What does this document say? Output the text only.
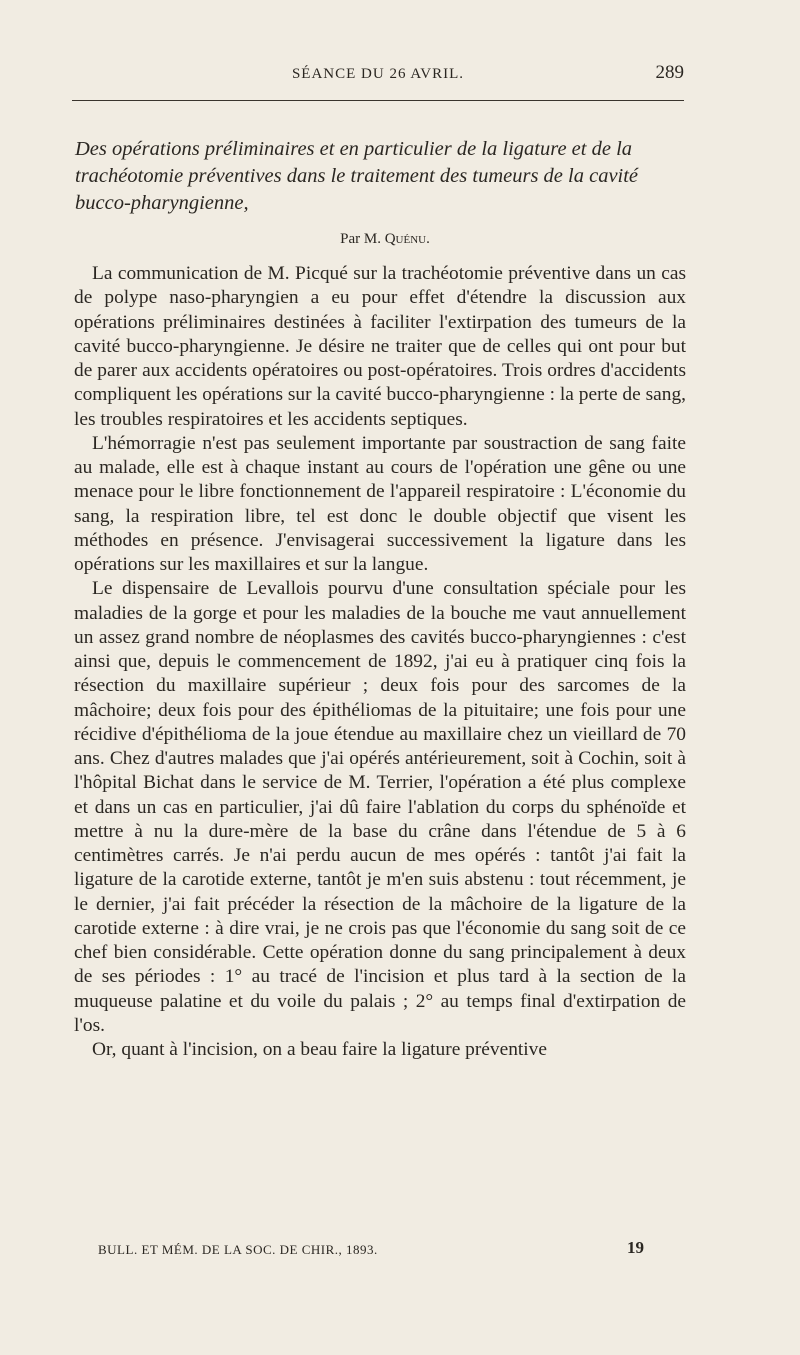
SÉANCE DU 26 AVRIL.	289
Des opérations préliminaires et en particulier de la ligature et de la trachéotomie préventives dans le traitement des tumeurs de la cavité bucco-pharyngienne,
Par M. Quénu.

La communication de M. Picqué sur la trachéotomie préventive dans un cas de polype naso-pharyngien a eu pour effet d'étendre la discussion aux opérations préliminaires destinées à faciliter l'extirpation des tumeurs de la cavité bucco-pharyngienne. Je désire ne traiter que de celles qui ont pour but de parer aux accidents opératoires ou post-opératoires. Trois ordres d'accidents compliquent les opérations sur la cavité bucco-pharyngienne : la perte de sang, les troubles respiratoires et les accidents septiques.

L'hémorragie n'est pas seulement importante par soustraction de sang faite au malade, elle est à chaque instant au cours de l'opération une gêne ou une menace pour le libre fonctionnement de l'appareil respiratoire : L'économie du sang, la respiration libre, tel est donc le double objectif que visent les méthodes en présence. J'envisagerai successivement la ligature dans les opérations sur les maxillaires et sur la langue.

Le dispensaire de Levallois pourvu d'une consultation spéciale pour les maladies de la gorge et pour les maladies de la bouche me vaut annuellement un assez grand nombre de néoplasmes des cavités bucco-pharyngiennes : c'est ainsi que, depuis le commencement de 1892, j'ai eu à pratiquer cinq fois la résection du maxillaire supérieur ; deux fois pour des sarcomes de la mâchoire; deux fois pour des épithéliomas de la pituitaire; une fois pour une récidive d'épithélioma de la joue étendue au maxillaire chez un vieillard de 70 ans. Chez d'autres malades que j'ai opérés antérieurement, soit à Cochin, soit à l'hôpital Bichat dans le service de M. Terrier, l'opération a été plus complexe et dans un cas en particulier, j'ai dû faire l'ablation du corps du sphénoïde et mettre à nu la dure-mère de la base du crâne dans l'étendue de 5 à 6 centimètres carrés. Je n'ai perdu aucun de mes opérés : tantôt j'ai fait la ligature de la carotide externe, tantôt je m'en suis abstenu : tout récemment, je le dernier, j'ai fait précéder la résection de la mâchoire de la ligature de la carotide externe : à dire vrai, je ne crois pas que l'économie du sang soit de ce chef bien considérable. Cette opération donne du sang principalement à deux de ses périodes : 1° au tracé de l'incision et plus tard à la section de la muqueuse palatine et du voile du palais ; 2° au temps final d'extirpation de l'os.

Or, quant à l'incision, on a beau faire la ligature préventive

BULL. ET MÉM. DE LA SOC. DE CHIR., 1893.	19
